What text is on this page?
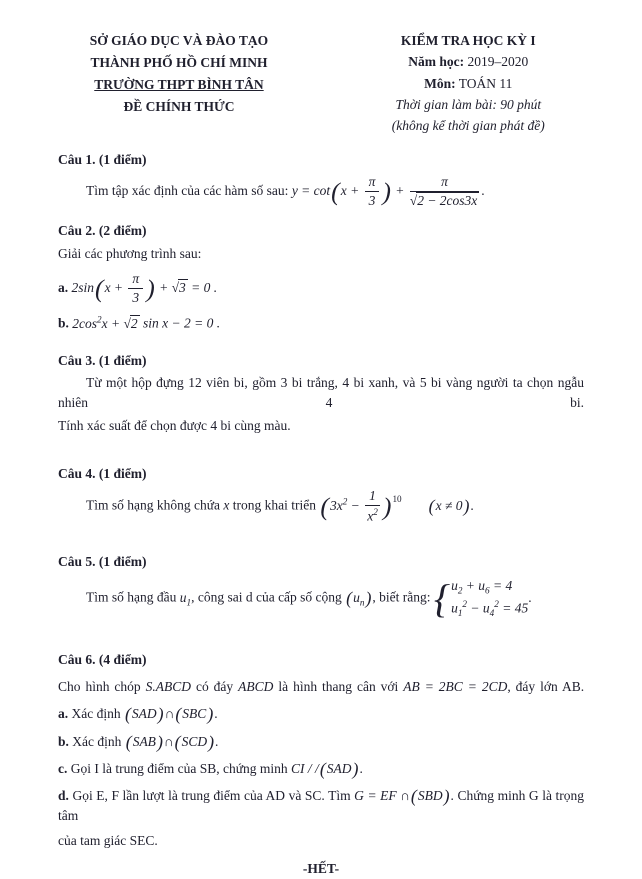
SỞ GIÁO DỤC VÀ ĐÀO TẠO
THÀNH PHỐ HỒ CHÍ MINH
TRƯỜNG THPT BÌNH TÂN
ĐỀ CHÍNH THỨC
KIỂM TRA HỌC KỲ I
Năm học: 2019–2020
Môn: TOÁN 11
Thời gian làm bài: 90 phút
(không kể thời gian phát đề)

Câu 1. (1 điểm)

Tìm tập xác định của các hàm số sau: $y = \cot(x + \frac{\pi}{3}$ ) + $\frac{\pi}{√2 - 2\cos 3x}$ .

Câu 2. (2 điểm)

Giải các phương trình sau:

a. $2\sin(x + \frac{\pi}{3}$ ) + √3 = 0 .

b. $2\cos^2x + √2$ sin x − 2 = 0 .

Câu 3. (1 điểm)

Từ một hộp đựng 12 viên bi, gồm 3 bi trắng, 4 bi xanh, và 5 bi vàng người ta chọn ngẫu nhiên 4 bi.

Tính xác suất để chọn được 4 bi cùng màu.

Câu 4. (1 điểm)

Tìm số hạng không chứa x trong khai triển $(3x^2 - \frac{1}{x^2} )^{10}$ (x ≠ 0).

Câu 5. (1 điểm)

Tìm số hạng đầu $u_1$, công sai d của cấp số cộng $(u_n)$, biết rằng: { $u_2 + u_6 = 4$
$u_1^2 - u_4^2 = 45$
.

Câu 6. (4 điểm)

Cho hình chóp S.ABCD có đáy ABCD là hình thang cân với AB = 2BC = 2CD, đáy lớn AB.

a. Xác định (SAD)∩(SBC).

b. Xác định (SAB)∩(SCD).

c. Gọi I là trung điểm của SB, chứng minh CI / /(SAD).

d. Gọi E, F lần lượt là trung điểm của AD và SC. Tìm G = EF ∩(SBD). Chứng minh G là trọng tâm

của tam giác SEC.

-HẾT-
